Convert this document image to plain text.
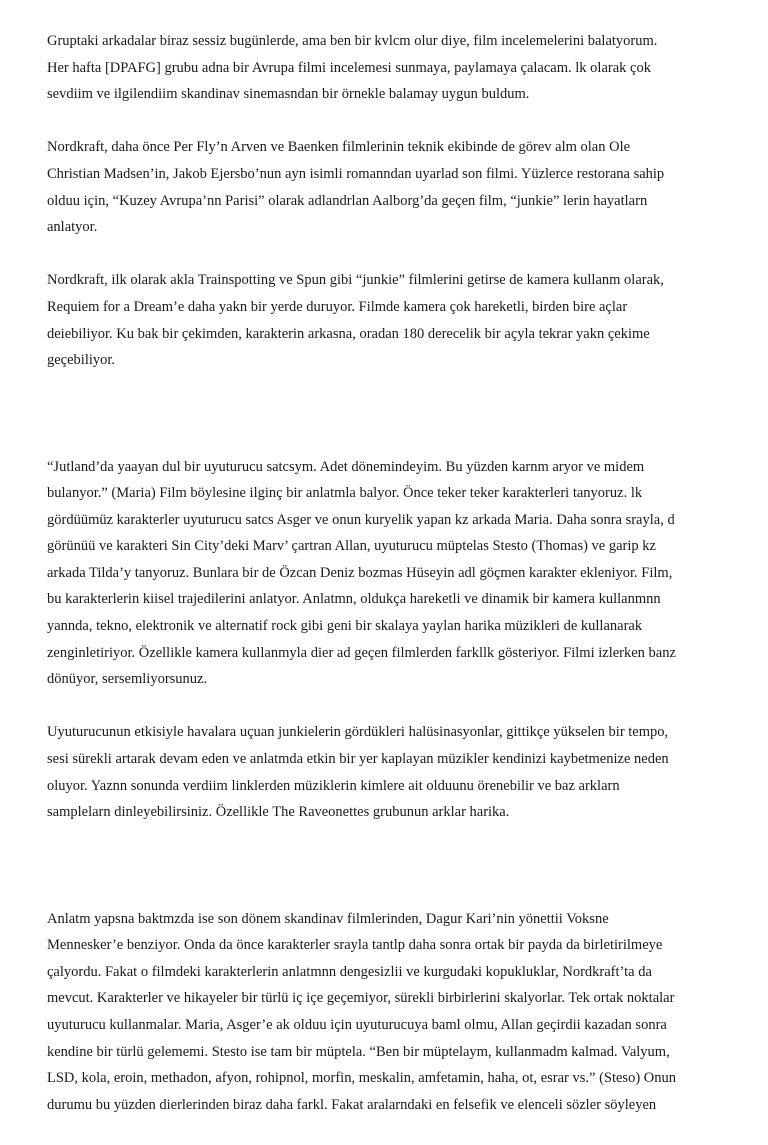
Gruptaki arkadalar biraz sessiz bugünlerde, ama ben bir kvlcm olur diye, film incelemelerini balatyorum.
Her hafta [DPAFG] grubu adna bir Avrupa filmi incelemesi sunmaya, paylamaya çalacam. lk olarak çok
sevdiim ve ilgilendiim skandinav sinemasndan bir örnekle balamay uygun buldum.
Nordkraft, daha önce Per Fly’n Arven ve Baenken filmlerinin teknik ekibinde de görev alm olan Ole
Christian Madsen’in, Jakob Ejersbo’nun ayn isimli romanndan uyarlad son filmi. Yüzlerce restorana sahip
olduu için, “Kuzey Avrupa’nn Parisi” olarak adlandrlan Aalborg’da geçen film, “junkie” lerin hayatlarn
anlatyor.
Nordkraft, ilk olarak akla Trainspotting ve Spun gibi “junkie” filmlerini getirse de kamera kullanm olarak,
Requiem for a Dream’e daha yakn bir yerde duruyor. Filmde kamera çok hareketli, birden bire açlar
deiebiliyor. Ku bak bir çekimden, karakterin arkasna, oradan 180 derecelik bir açyla tekrar yakn çekime
geçebiliyor.
“Jutland’da yaayan dul bir uyuturucu satcsym. Adet dönemindeyim. Bu yüzden karnm aryor ve midem
bulanyor.” (Maria) Film böylesine ilginç bir anlatmla balyor. Önce teker teker karakterleri tanyoruz. lk
gördüümüz karakterler uyuturucu satcs Asger ve onun kuryelik yapan kz arkada Maria. Daha sonra srayla, d
görünüü ve karakteri Sin City’deki Marv’ çartran Allan, uyuturucu müptelas Stesto (Thomas) ve garip kz
arkada Tilda’y tanyoruz. Bunlara bir de Özcan Deniz bozmas Hüseyin adl göçmen karakter ekleniyor. Film,
bu karakterlerin kiisel trajedilerini anlatyor. Anlatmn, oldukça hareketli ve dinamik bir kamera kullanmnn
yannda, tekno, elektronik ve alternatif rock gibi geni bir skalaya yaylan harika müzikleri de kullanarak
zenginletiriyor. Özellikle kamera kullanmyla dier ad geçen filmlerden farkllk gösteriyor. Filmi izlerken banz
dönüyor, sersemliyorsunuz.
Uyuturucunun etkisiyle havalara uçuan junkielerin gördükleri halüsinasyonlar, gittikçe yükselen bir tempo,
sesi sürekli artarak devam eden ve anlatmda etkin bir yer kaplayan müzikler kendinizi kaybetmenize neden
oluyor. Yaznn sonunda verdiim linklerden müziklerin kimlere ait olduunu örenebilir ve baz arklarn
samplelarn dinleyebilirsiniz. Özellikle The Raveonettes grubunun arklar harika.
Anlatm yapsna baktmzda ise son dönem skandinav filmlerinden, Dagur Kari’nin yönettii Voksne
Mennesker’e benziyor. Onda da önce karakterler srayla tantlp daha sonra ortak bir payda da birletirilmeye
çalyordu. Fakat o filmdeki karakterlerin anlatmnn dengesizlii ve kurgudaki kopukluklar, Nordkraft’ta da
mevcut. Karakterler ve hikayeler bir türlü iç içe geçemiyor, sürekli birbirlerini skalyorlar. Tek ortak noktalar
uyuturucu kullanmalar. Maria, Asger’e ak olduu için uyuturucuya baml olmu, Allan geçirdii kazadan sonra
kendine bir türlü gelememi. Stesto ise tam bir müptela. “Ben bir müptelaym, kullanmadm kalmad. Valyum,
LSD, kola, eroin, methadon, afyon, rohipnol, morfin, meskalin, amfetamin, haha, ot, esrar vs.” (Steso) Onun
durumu bu yüzden dierlerinden biraz daha farkl. Fakat aralarndaki en felsefik ve elenceli sözler söyleyen
